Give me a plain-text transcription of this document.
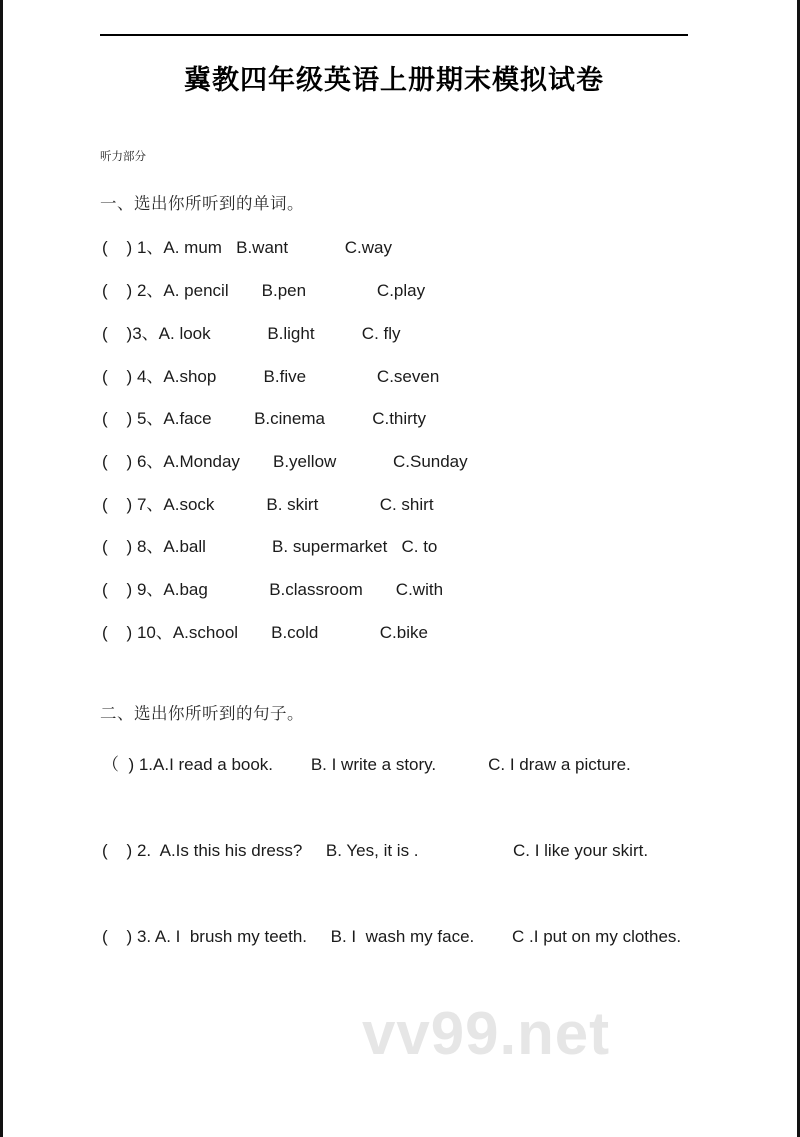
冀教四年级英语上册期末模拟试卷
听力部分
一、选出你所听到的单词。
(    ) 1、A. mum   B.want            C.way
(    ) 2、A. pencil       B.pen               C.play
(    )3、A. look            B.light          C. fly
(    ) 4、A.shop          B.five               C.seven
(    ) 5、A.face         B.cinema          C.thirty
(    ) 6、A.Monday       B.yellow            C.Sunday
(    ) 7、A.sock           B. skirt             C. shirt
(    ) 8、A.ball              B. supermarket   C. to
(    ) 9、A.bag             B.classroom       C.with
(    ) 10、A.school       B.cold             C.bike
二、选出你所听到的句子。
（  ) 1.A.I read a book.        B. I write a story.           C. I draw a picture.
(    ) 2.  A.Is this his dress?     B. Yes, it is .                    C. I like your skirt.
(    ) 3. A. I  brush my teeth.     B. I  wash my face.        C .I put on my clothes.
vv99.net
